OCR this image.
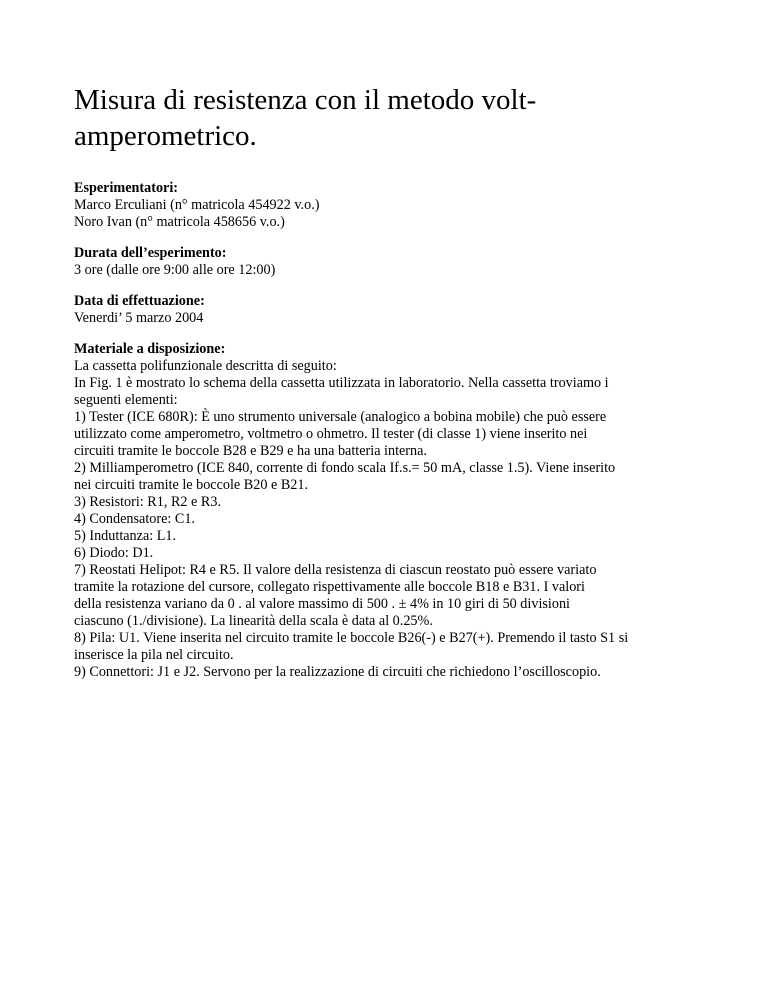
Misura di resistenza con il metodo volt-amperometrico.
Esperimentatori:
Marco Erculiani (n° matricola 454922 v.o.)
Noro Ivan (n° matricola 458656 v.o.)
Durata dell’esperimento:
3 ore (dalle ore 9:00 alle ore 12:00)
Data di effettuazione:
Venerdi’ 5 marzo 2004
Materiale a disposizione:
La cassetta polifunzionale descritta di seguito:
In Fig. 1 è mostrato lo schema della cassetta utilizzata in laboratorio. Nella cassetta troviamo i
seguenti elementi:
1) Tester (ICE 680R): È uno strumento universale (analogico a bobina mobile) che può essere
utilizzato come amperometro, voltmetro o ohmetro. Il tester (di classe 1) viene inserito nei
circuiti tramite le boccole B28 e B29 e ha una batteria interna.
2) Milliamperometro (ICE 840, corrente di fondo scala If.s.= 50 mA, classe 1.5). Viene inserito
nei circuiti tramite le boccole B20 e B21.
3) Resistori: R1, R2 e R3.
4) Condensatore: C1.
5) Induttanza: L1.
6) Diodo: D1.
7) Reostati Helipot: R4 e R5. Il valore della resistenza di ciascun reostato può essere variato
tramite la rotazione del cursore, collegato rispettivamente alle boccole B18 e B31. I valori
della resistenza variano da 0 . al valore massimo di 500 . ± 4% in 10 giri di 50 divisioni
ciascuno (1./divisione). La linearità della scala è data al 0.25%.
8) Pila: U1. Viene inserita nel circuito tramite le boccole B26(-) e B27(+). Premendo il tasto S1 si
inserisce la pila nel circuito.
9) Connettori: J1 e J2. Servono per la realizzazione di circuiti che richiedono l’oscilloscopio.
